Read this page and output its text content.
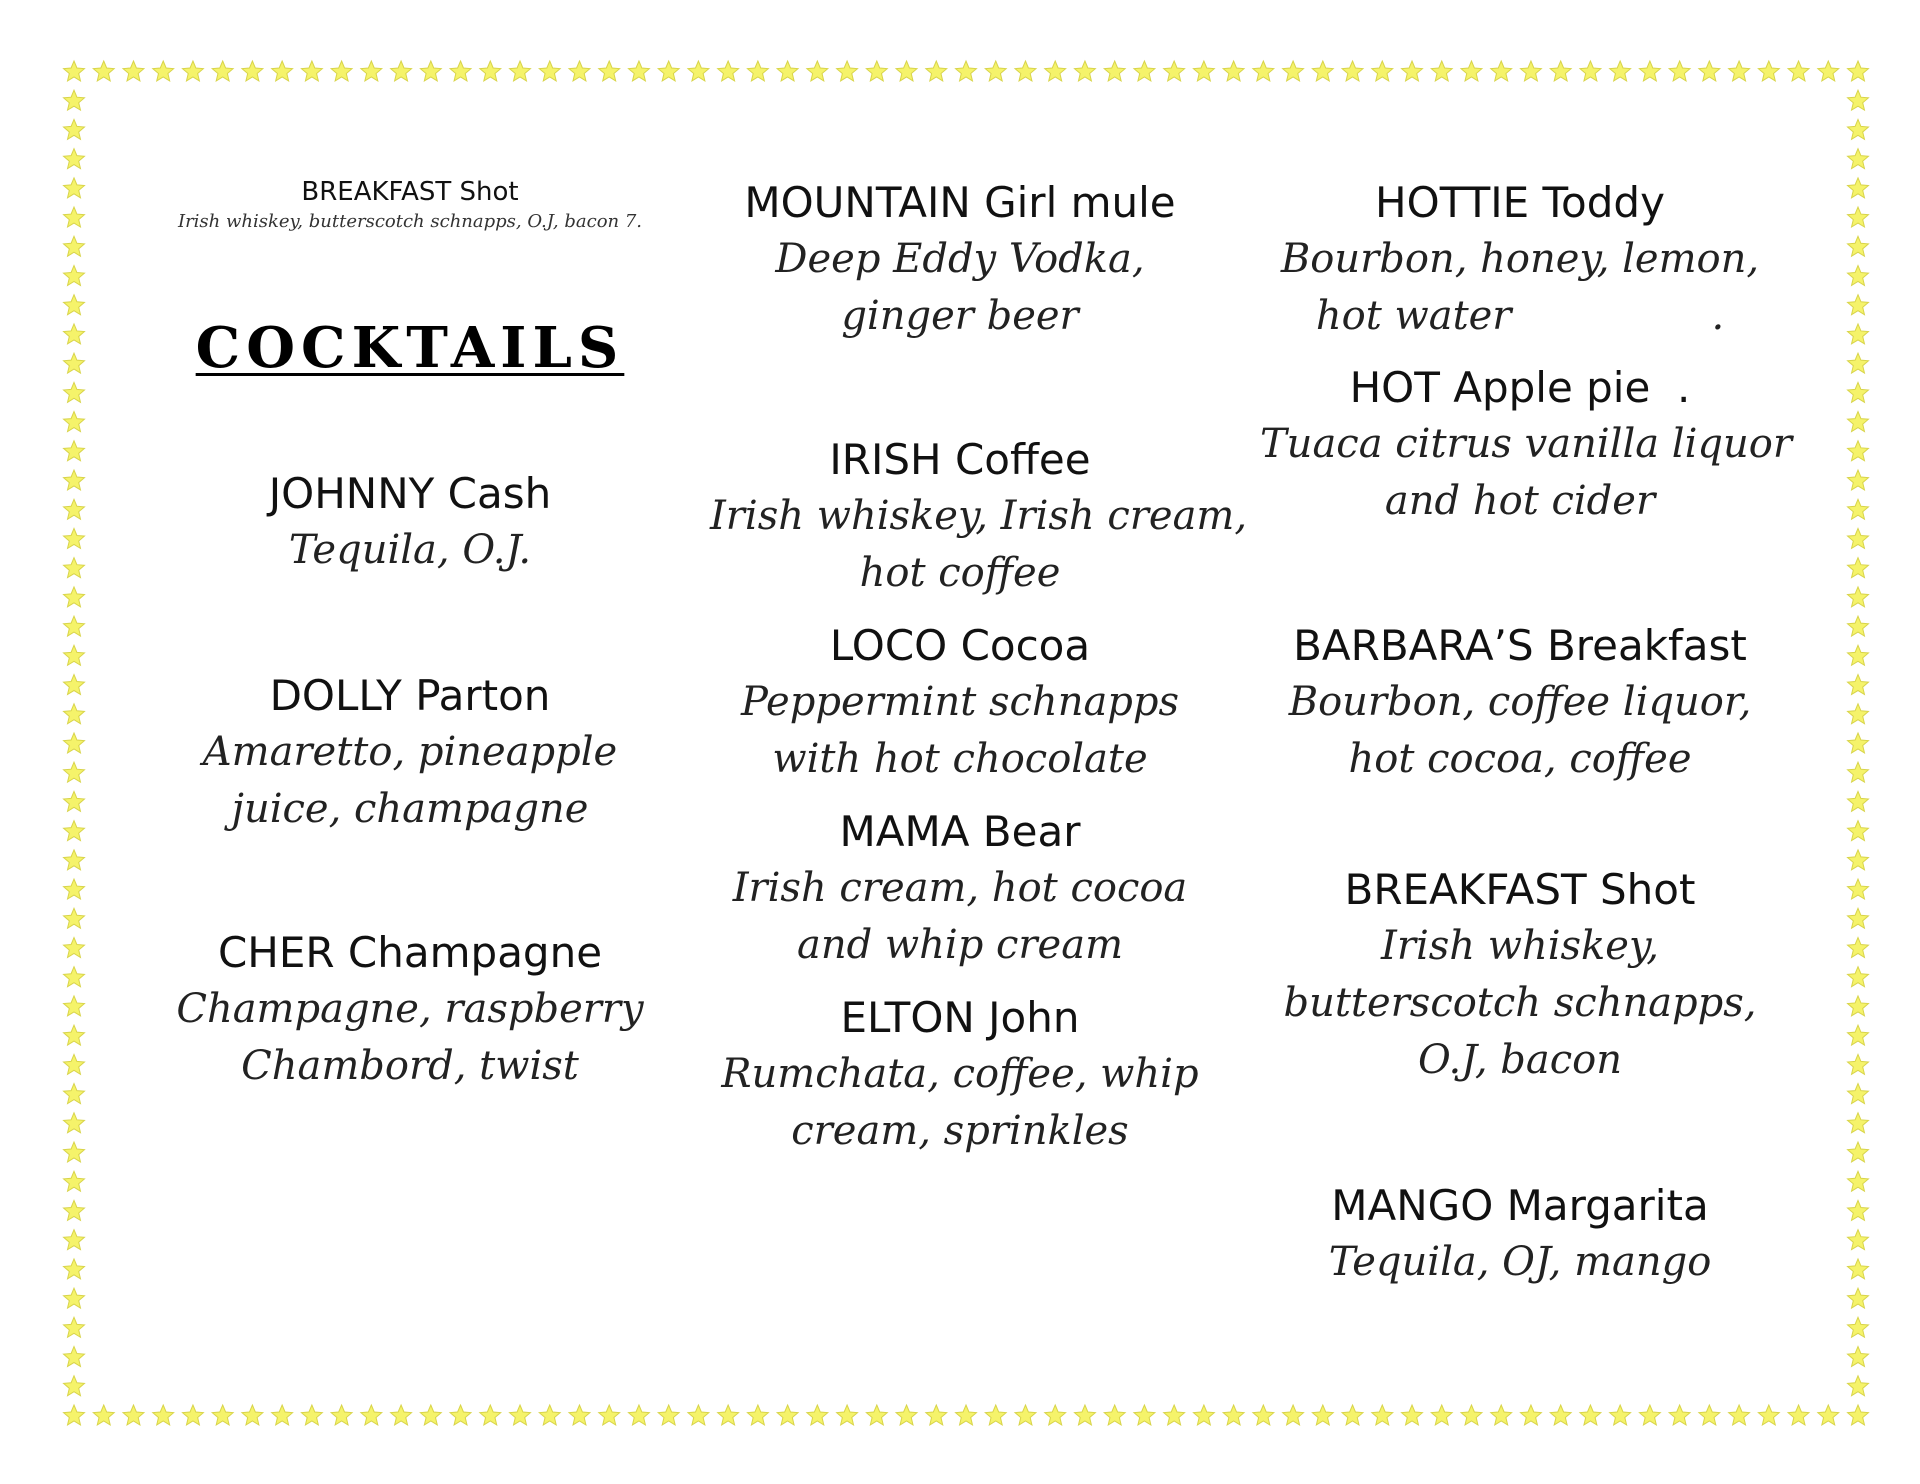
BREAKFAST Shot
Irish whiskey, butterscotch schnapps, O.J, bacon 7.
COCKTAILS
JOHNNY Cash
Tequila, O.J.
DOLLY Parton
Amaretto, pineapple
juice, champagne
CHER Champagne
Champagne, raspberry
Chambord, twist
MOUNTAIN Girl mule
Deep Eddy Vodka,
ginger beer
IRISH Coffee
Irish whiskey, Irish cream,
hot coffee
LOCO Cocoa
Peppermint schnapps
with hot chocolate
MAMA Bear
Irish cream, hot cocoa
and whip cream
ELTON John
Rumchata, coffee, whip
cream, sprinkles
HOTTIE Toddy
Bourbon, honey, lemon,
hot water	.
HOT Apple pie .
Tuaca citrus vanilla liquor
and hot cider
BARBARA’S Breakfast
Bourbon, coffee liquor,
hot cocoa, coffee
BREAKFAST Shot
Irish whiskey,
butterscotch schnapps,
O.J, bacon
MANGO Margarita
Tequila, OJ, mango
